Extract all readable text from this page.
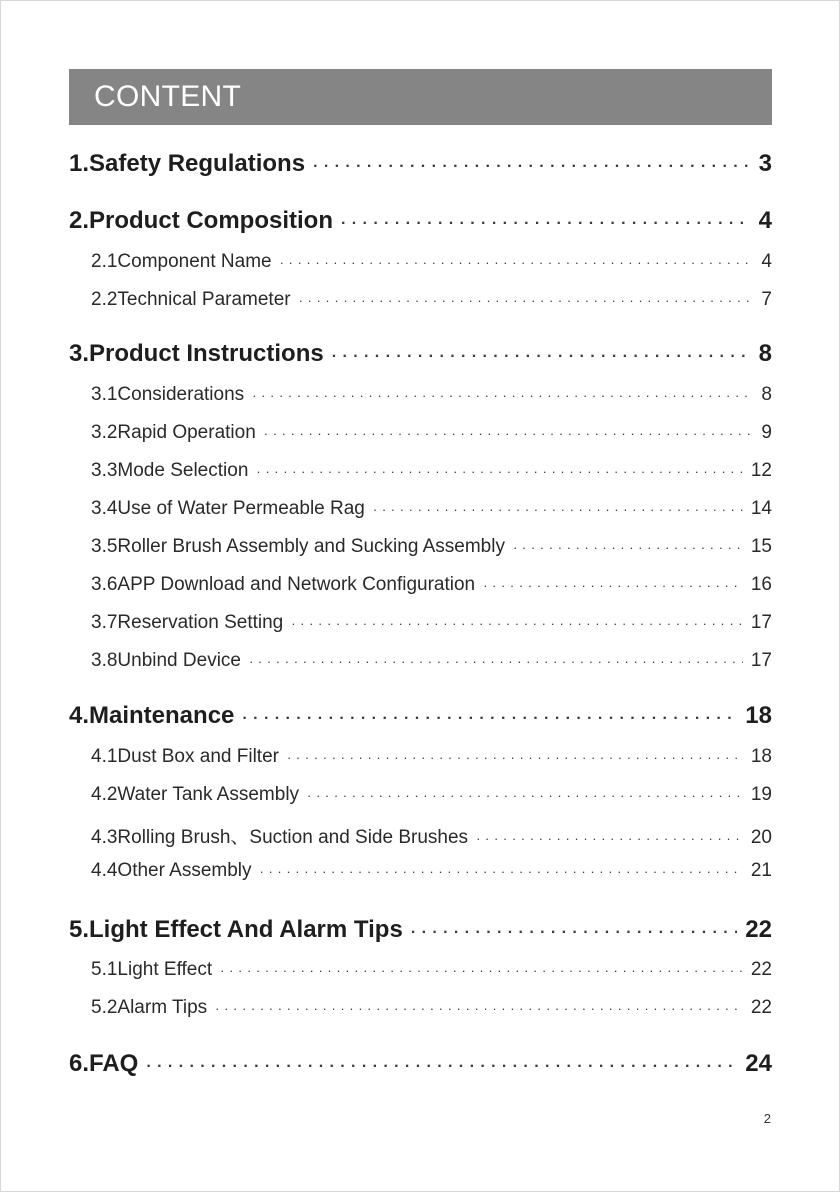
CONTENT
1.Safety Regulations · · ·	3
2.Product Composition · · ·	4
2.1Component Name · · ·	4
2.2Technical Parameter · · ·	7
3.Product Instructions · · ·	8
3.1Considerations · · ·	8
3.2Rapid Operation · · ·	9
3.3Mode Selection · · ·	12
3.4Use of Water Permeable Rag · · ·	14
3.5Roller Brush Assembly and Sucking Assembly · · ·	15
3.6APP Download and Network Configuration · · ·	16
3.7Reservation Setting · · ·	17
3.8Unbind Device · · ·	17
4.Maintenance · · ·	18
4.1Dust Box and Filter · · ·	18
4.2Water Tank Assembly · · ·	19
4.3Rolling Brush、Suction and Side Brushes · · ·	20
4.4Other Assembly · · ·	21
5.Light Effect And Alarm Tips · · ·	22
5.1Light Effect · · ·	22
5.2Alarm Tips · · ·	22
6.FAQ · · ·	24
2
